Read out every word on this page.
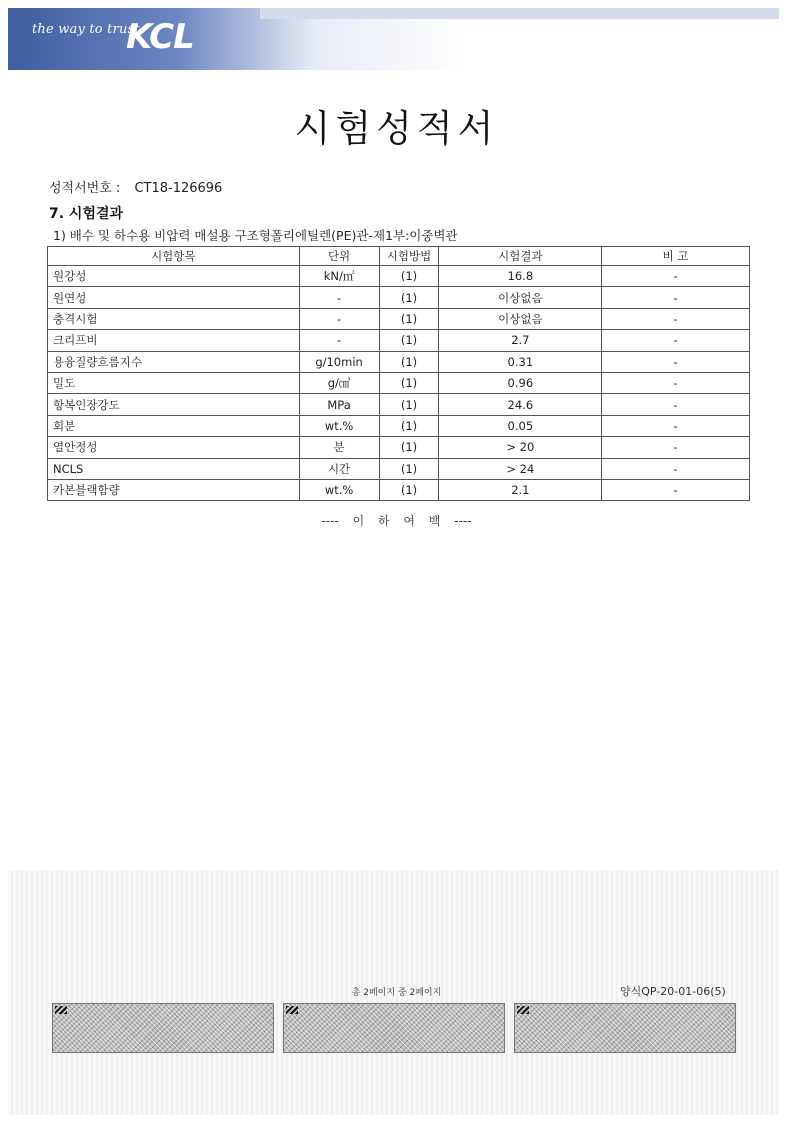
the way to trust
KCL
시험성적서
성적서번호 : CT18-126696
7. 시험결과
1) 배수 및 하수용 비압력 매설용 구조형폴리에틸렌(PE)관-제1부:이중벽관
시험항목	단위	시험방법	시험결과	비 고
원강성	kN/㎡	(1)	16.8	-
원연성	-	(1)	이상없음	-
충격시험	-	(1)	이상없음	-
크리프비	-	(1)	2.7	-
용융질량흐름지수	g/10min	(1)	0.31	-
밀도	g/㎤	(1)	0.96	-
항복인장강도	MPa	(1)	24.6	-
회분	wt.%	(1)	0.05	-
열안정성	분	(1)	> 20	-
NCLS	시간	(1)	> 24	-
카본블랙함량	wt.%	(1)	2.1	-
---- 이 하 여 백 ----
총 2페이지 중 2페이지	양식QP-20-01-06(5)
